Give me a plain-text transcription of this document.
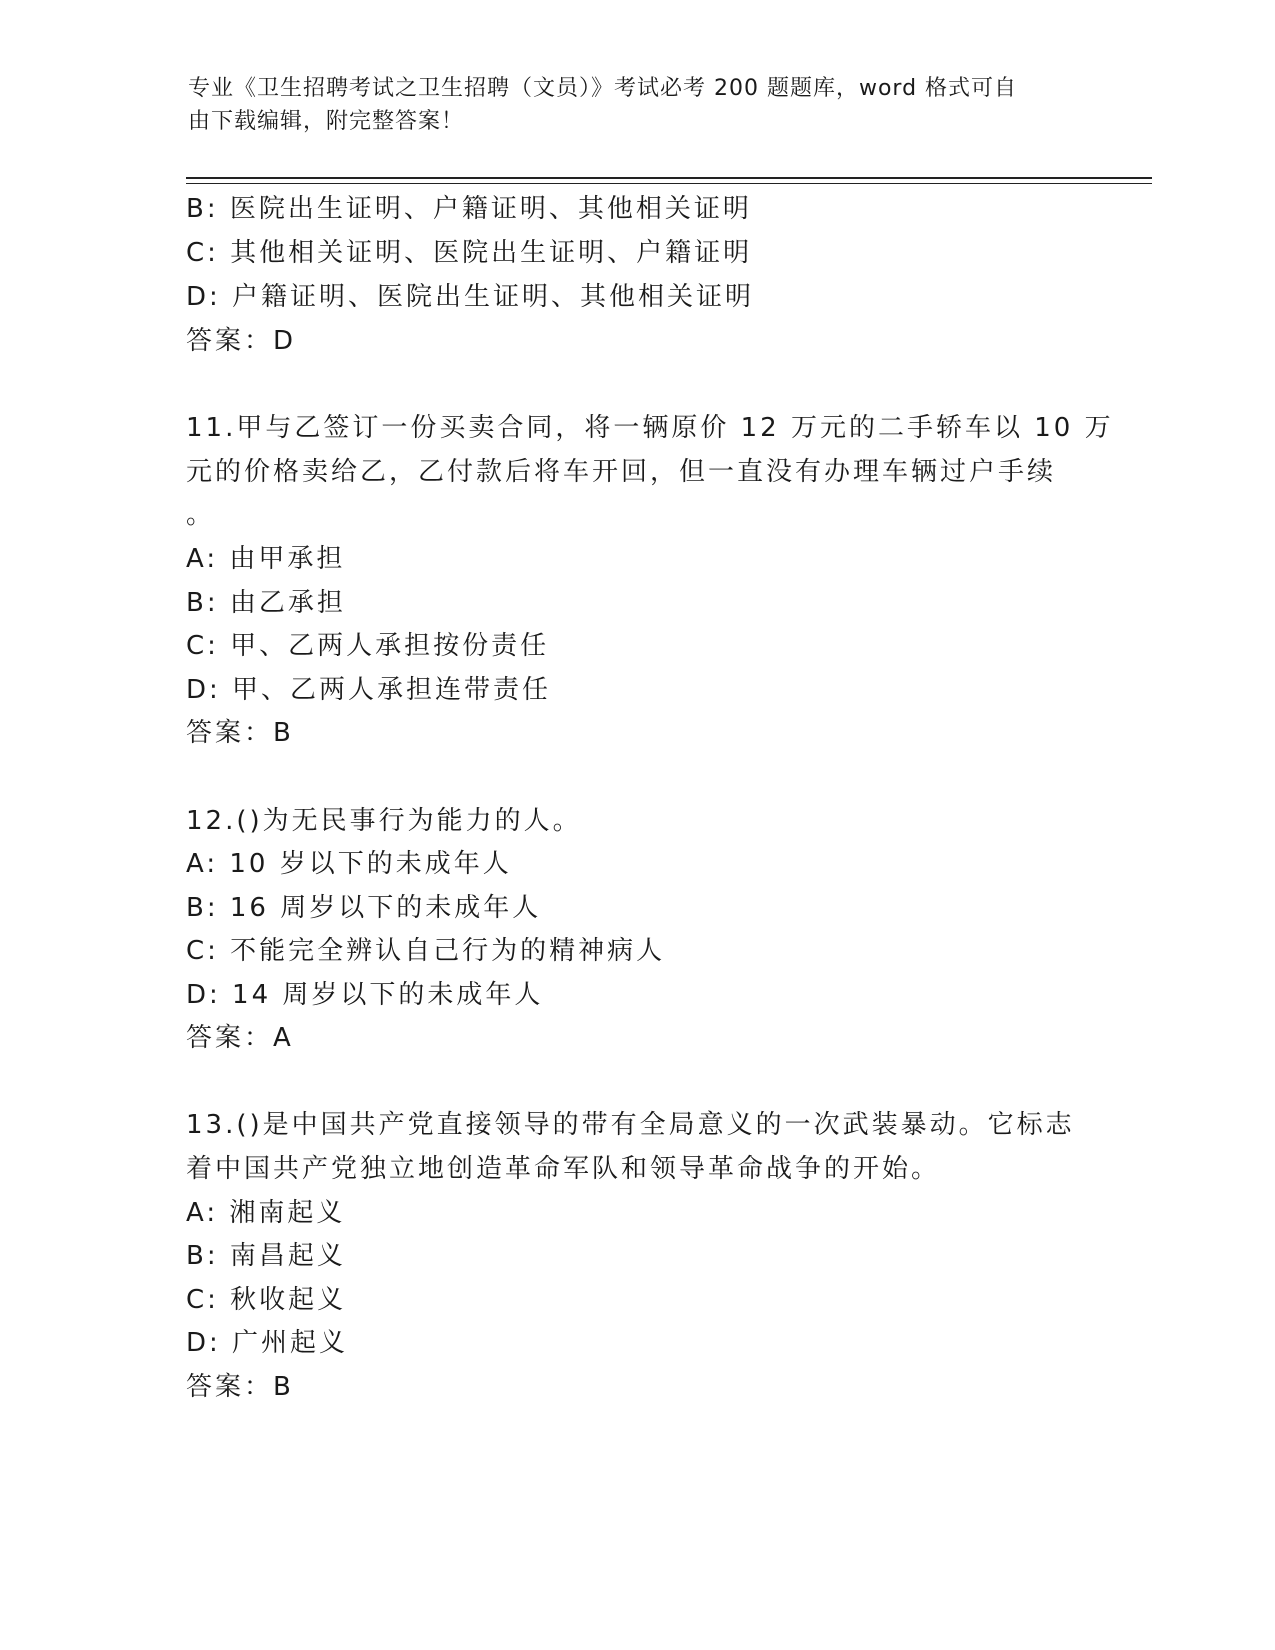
专业《卫生招聘考试之卫生招聘（文员）》考试必考 200 题题库，word 格式可自
由下载编辑，附完整答案！
B: 医院出生证明、户籍证明、其他相关证明
C: 其他相关证明、医院出生证明、户籍证明
D: 户籍证明、医院出生证明、其他相关证明
答案：D
11.甲与乙签订一份买卖合同，将一辆原价 12 万元的二手轿车以 10 万
元的价格卖给乙，乙付款后将车开回，但一直没有办理车辆过户手续
。
A: 由甲承担
B: 由乙承担
C: 甲、乙两人承担按份责任
D: 甲、乙两人承担连带责任
答案：B
12.()为无民事行为能力的人。
A: 10 岁以下的未成年人
B: 16 周岁以下的未成年人
C: 不能完全辨认自己行为的精神病人
D: 14 周岁以下的未成年人
答案：A
13.()是中国共产党直接领导的带有全局意义的一次武装暴动。它标志
着中国共产党独立地创造革命军队和领导革命战争的开始。
A: 湘南起义
B: 南昌起义
C: 秋收起义
D: 广州起义
答案：B
